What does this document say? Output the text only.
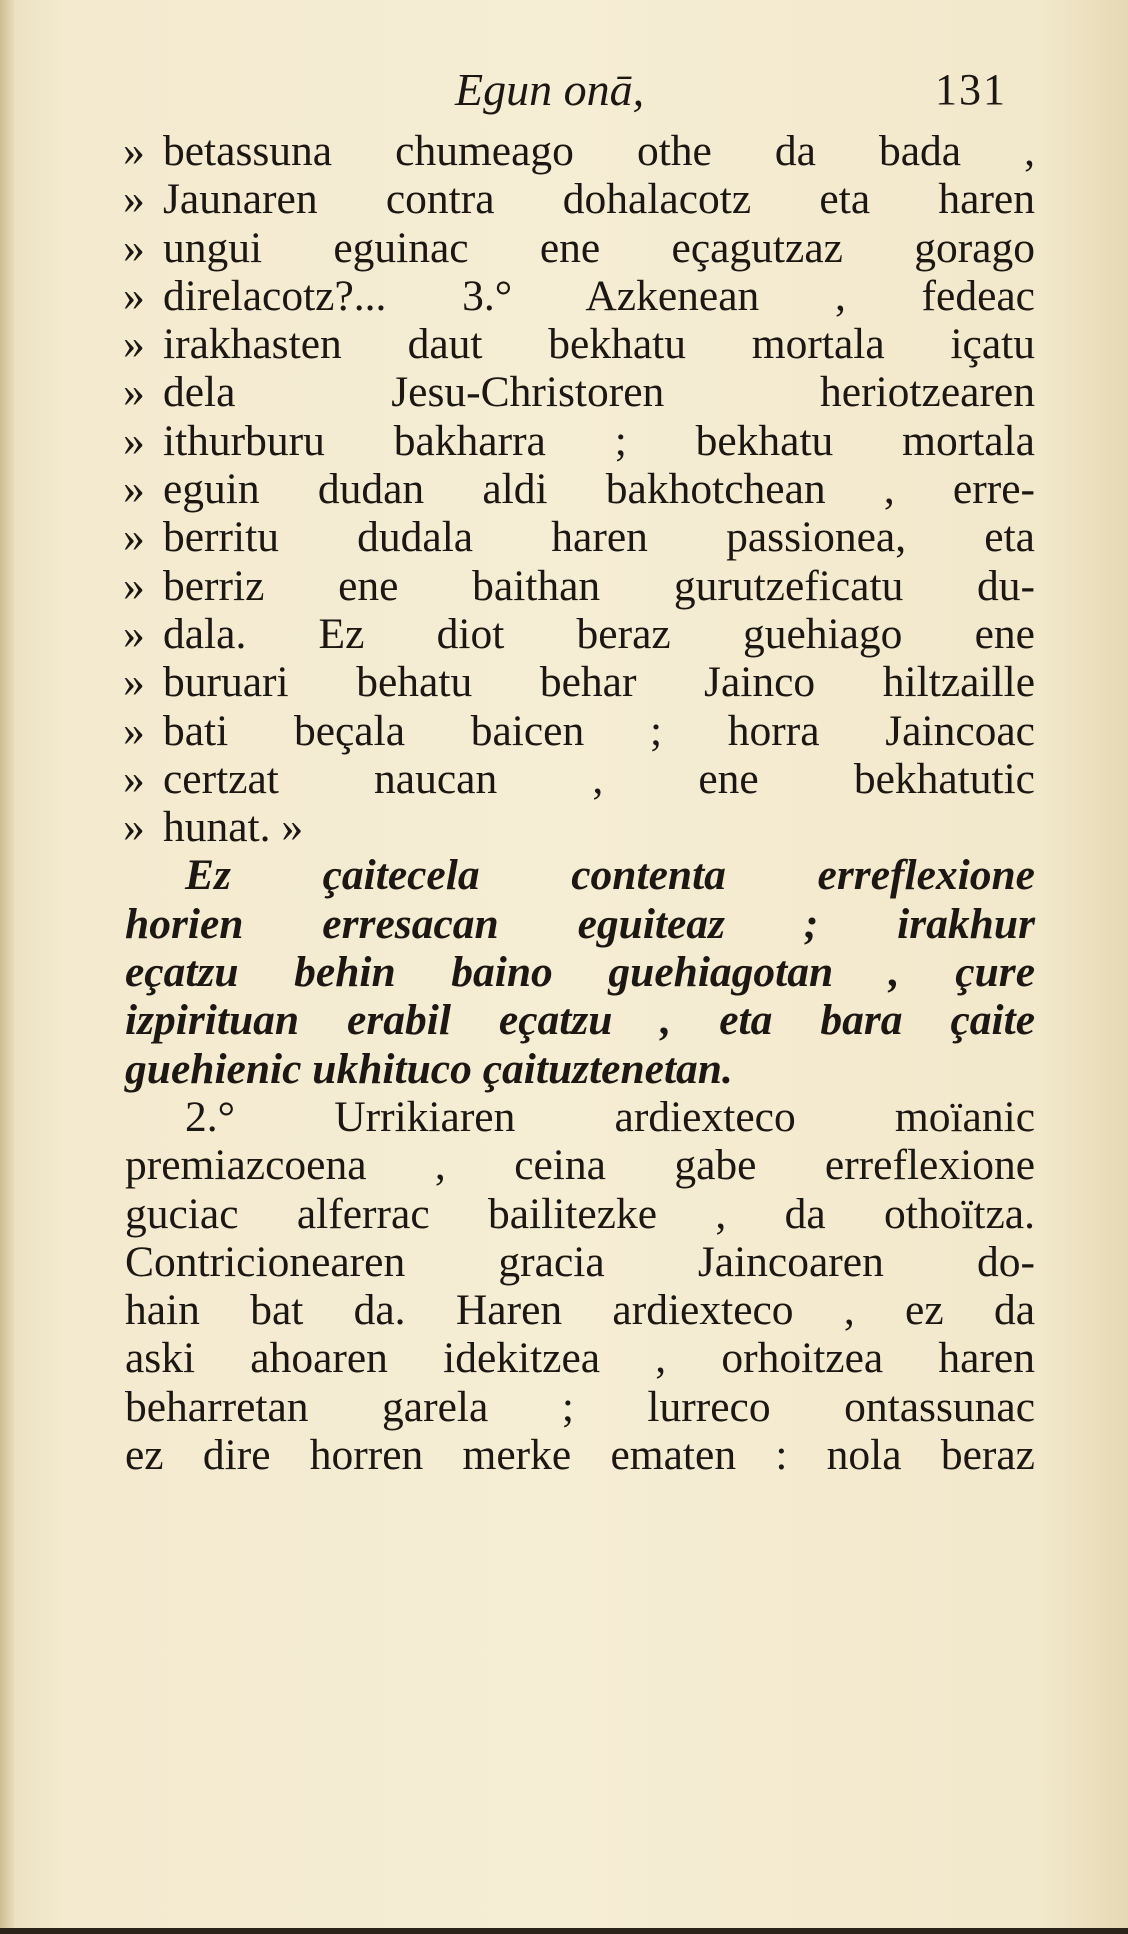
Egun onā,	131
» betassuna chumeago othe da bada ,
» Jaunaren contra dohalacotz eta haren
» ungui eguinac ene eçagutzaz gorago
» direlacotz?... 3.° Azkenean , fedeac
» irakhasten daut bekhatu mortala içatu
» dela Jesu-Christoren heriotzearen
» ithurburu bakharra ; bekhatu mortala
» eguin dudan aldi bakhotchean , erre-
» berritu dudala haren passionea, eta
» berriz ene baithan gurutzeficatu du-
» dala. Ez diot beraz guehiago ene
» buruari behatu behar Jainco hiltzaille
» bati beçala baicen ; horra Jaincoac
» certzat naucan , ene bekhatutic
» hunat. »
Ez çaitecela contenta erreflexione
horien erresacan eguiteaz ; irakhur
eçatzu behin baino guehiagotan , çure
izpirituan erabil eçatzu , eta bara çaite
guehienic ukhituco çaituztenetan.
2.° Urrikiaren ardiexteco moïanic
premiazcoena , ceina gabe erreflexione
guciac alferrac bailitezke , da othoïtza.
Contricionearen gracia Jaincoaren do-
hain bat da. Haren ardiexteco , ez da
aski ahoaren idekitzea , orhoitzea haren
beharretan garela ; lurreco ontassunac
ez dire horren merke ematen : nola beraz
